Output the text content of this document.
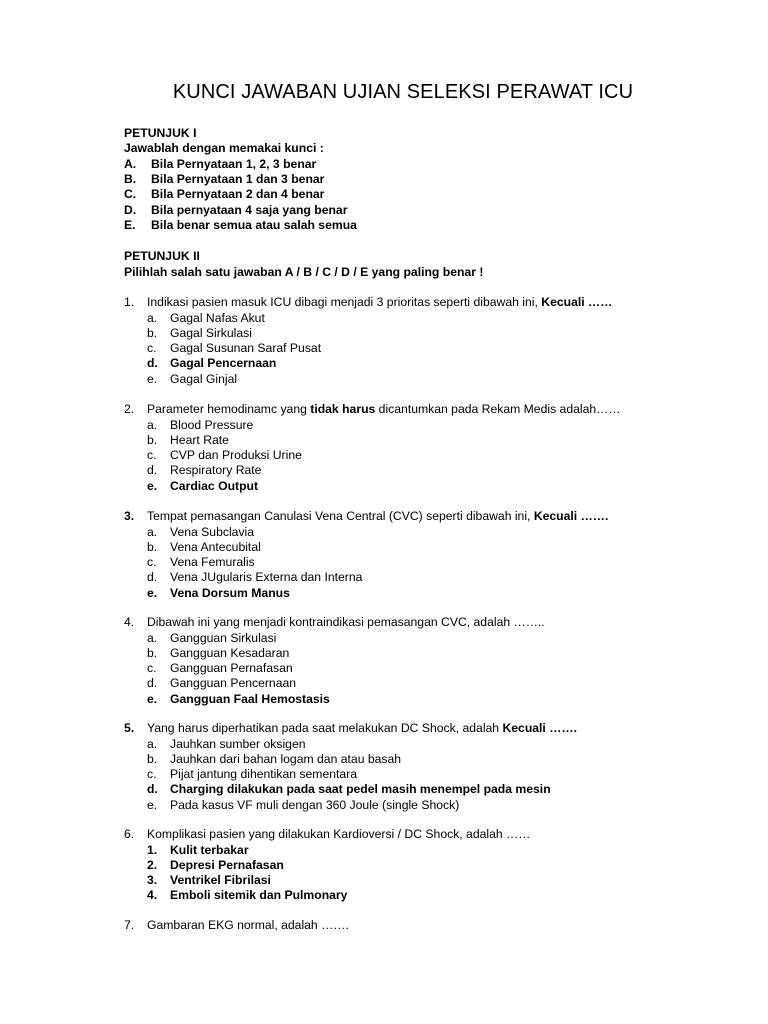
KUNCI JAWABAN UJIAN SELEKSI PERAWAT ICU
PETUNJUK I
Jawablah dengan memakai kunci :
A. Bila Pernyataan 1, 2, 3 benar
B. Bila Pernyataan 1 dan 3 benar
C. Bila Pernyataan 2 dan 4 benar
D. Bila pernyataan 4 saja yang benar
E. Bila benar semua atau salah semua
PETUNJUK II
Pilihlah salah satu jawaban A / B / C / D / E yang paling benar !
1. Indikasi pasien masuk ICU dibagi menjadi 3 prioritas seperti dibawah ini, Kecuali ……
a. Gagal Nafas Akut
b. Gagal Sirkulasi
c. Gagal Susunan Saraf Pusat
d. Gagal Pencernaan
e. Gagal Ginjal
2. Parameter hemodinamc yang tidak harus dicantumkan pada Rekam Medis adalah……
a. Blood Pressure
b. Heart Rate
c. CVP dan Produksi Urine
d. Respiratory Rate
e. Cardiac Output
3. Tempat pemasangan Canulasi Vena Central (CVC) seperti dibawah ini, Kecuali …….
a. Vena Subclavia
b. Vena Antecubital
c. Vena Femuralis
d. Vena JUgularis Externa dan Interna
e. Vena Dorsum Manus
4. Dibawah ini yang menjadi kontraindikasi pemasangan CVC, adalah ……..
a. Gangguan Sirkulasi
b. Gangguan Kesadaran
c. Gangguan Pernafasan
d. Gangguan Pencernaan
e. Gangguan Faal Hemostasis
5. Yang harus diperhatikan pada saat melakukan DC Shock, adalah Kecuali …….
a. Jauhkan sumber oksigen
b. Jauhkan dari bahan logam dan atau basah
c. Pijat jantung dihentikan sementara
d. Charging dilakukan pada saat pedel masih menempel pada mesin
e. Pada kasus VF muli dengan 360 Joule (single Shock)
6. Komplikasi pasien yang dilakukan Kardioversi / DC Shock, adalah ……
1. Kulit terbakar
2. Depresi Pernafasan
3. Ventrikel Fibrilasi
4. Emboli sitemik dan Pulmonary
7. Gambaran EKG normal, adalah …….
